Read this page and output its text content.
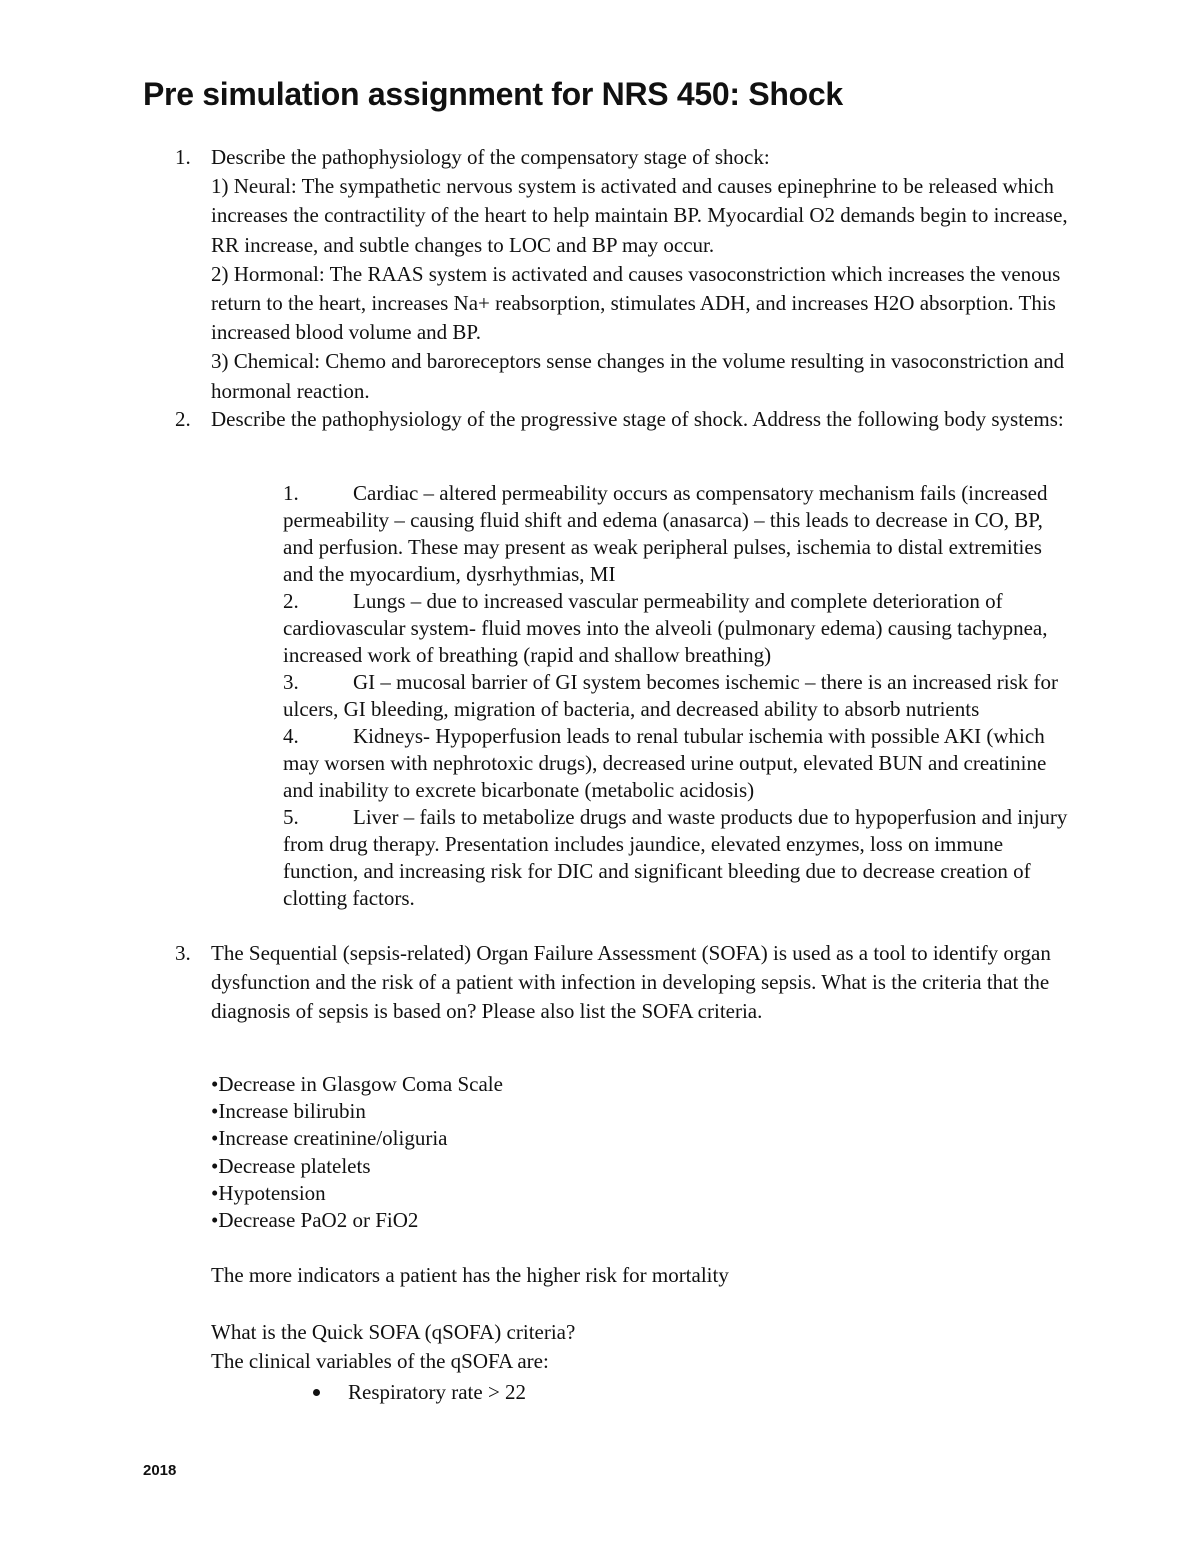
Pre simulation assignment for NRS 450: Shock
1. Describe the pathophysiology of the compensatory stage of shock:

1) Neural: The sympathetic nervous system is activated and causes epinephrine to be released which increases the contractility of the heart to help maintain BP. Myocardial O2 demands begin to increase, RR increase, and subtle changes to LOC and BP may occur.

2) Hormonal: The RAAS system is activated and causes vasoconstriction which increases the venous return to the heart, increases Na+ reabsorption, stimulates ADH, and increases H2O absorption. This increased blood volume and BP.

3) Chemical: Chemo and baroreceptors sense changes in the volume resulting in vasoconstriction and hormonal reaction.

2. Describe the pathophysiology of the progressive stage of shock. Address the following body systems:

1.	Cardiac – altered permeability occurs as compensatory mechanism fails (increased permeability – causing fluid shift and edema (anasarca) – this leads to decrease in CO, BP, and perfusion. These may present as weak peripheral pulses, ischemia to distal extremities and the myocardium, dysrhythmias, MI
2.	Lungs – due to increased vascular permeability and complete deterioration of cardiovascular system- fluid moves into the alveoli (pulmonary edema) causing tachypnea, increased work of breathing (rapid and shallow breathing)
3.	GI – mucosal barrier of GI system becomes ischemic – there is an increased risk for ulcers, GI bleeding, migration of bacteria, and decreased ability to absorb nutrients
4.	Kidneys- Hypoperfusion leads to renal tubular ischemia with possible AKI (which may worsen with nephrotoxic drugs), decreased urine output, elevated BUN and creatinine and inability to excrete bicarbonate (metabolic acidosis)
5.	Liver – fails to metabolize drugs and waste products due to hypoperfusion and injury from drug therapy. Presentation includes jaundice, elevated enzymes, loss on immune function, and increasing risk for DIC and significant bleeding due to decrease creation of clotting factors.
3. The Sequential (sepsis-related) Organ Failure Assessment (SOFA) is used as a tool to identify organ dysfunction and the risk of a patient with infection in developing sepsis. What is the criteria that the diagnosis of sepsis is based on? Please also list the SOFA criteria.

•Decrease in Glasgow Coma Scale
•Increase bilirubin
•Increase creatinine/oliguria
•Decrease platelets
•Hypotension
•Decrease PaO2 or FiO2
The more indicators a patient has the higher risk for mortality
What is the Quick SOFA (qSOFA) criteria?
The clinical variables of the qSOFA are:
Respiratory rate > 22
2018
